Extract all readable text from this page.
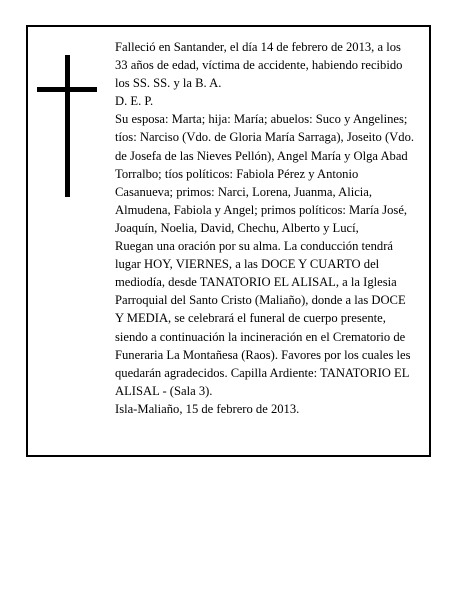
Falleció en Santander, el día 14 de febrero de 2013, a los 33 años de edad, víctima de accidente, habiendo recibido los SS. SS. y la B. A.

D. E. P.

Su esposa: Marta; hija: María; abuelos: Suco y Angelines; tíos: Narciso (Vdo. de Gloria María Sarraga), Joseito (Vdo. de Josefa de las Nieves Pellón), Angel María y Olga Abad Torralbo; tíos políticos: Fabiola Pérez y Antonio Casanueva; primos: Narci, Lorena, Juanma, Alicia, Almudena, Fabiola y Angel; primos políticos: María José, Joaquín, Noelia, David, Chechu, Alberto y Lucí,

Ruegan una oración por su alma. La conducción tendrá lugar HOY, VIERNES, a las DOCE Y CUARTO del mediodía, desde TANATORIO EL ALISAL, a la Iglesia Parroquial del Santo Cristo (Maliaño), donde a las DOCE Y MEDIA, se celebrará el funeral de cuerpo presente, siendo a continuación la incineración en el Crematorio de Funeraria La Montañesa (Raos). Favores por los cuales les quedarán agradecidos. Capilla Ardiente: TANATORIO EL ALISAL - (Sala 3).

Isla-Maliaño, 15 de febrero de 2013.
